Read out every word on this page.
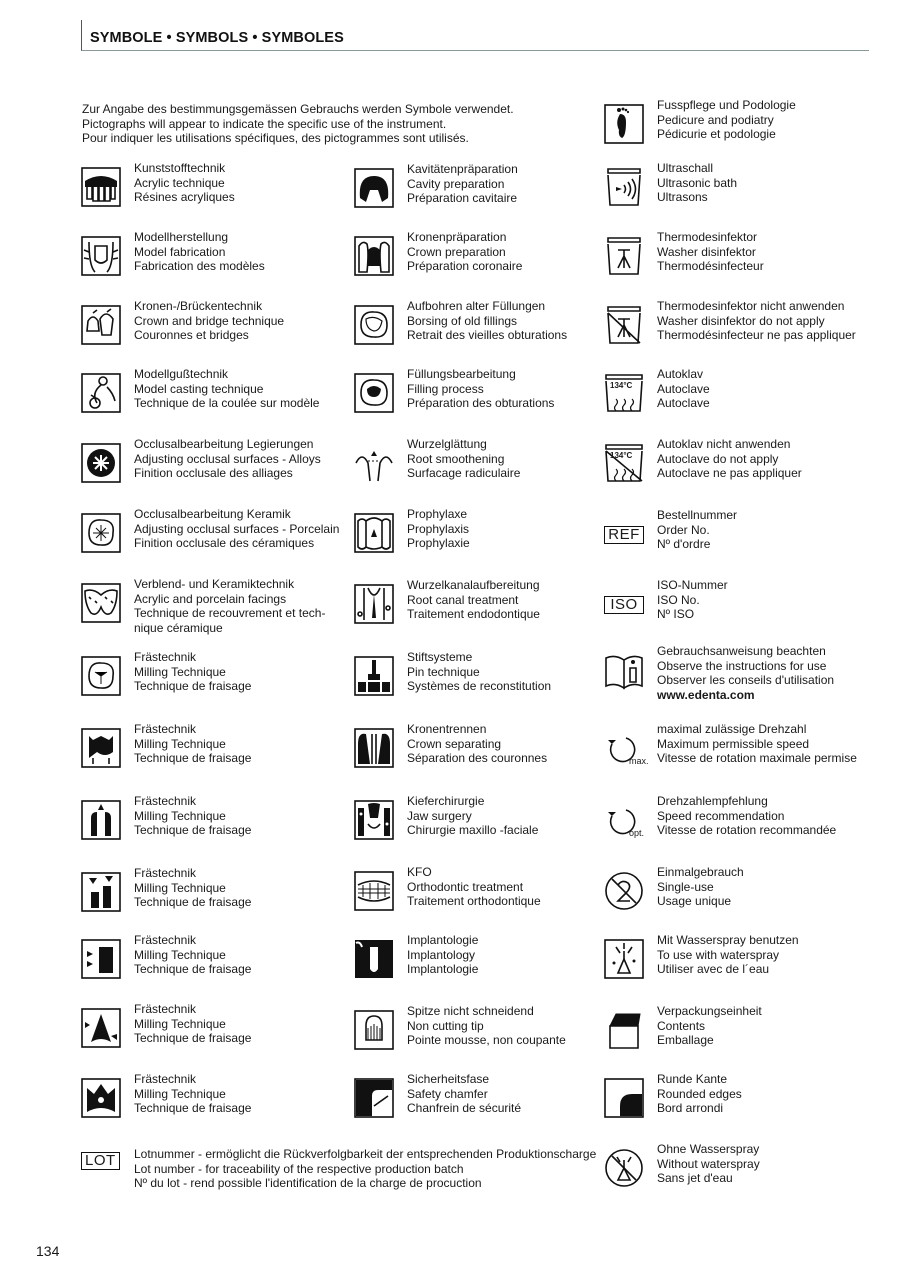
SYMBOLE • SYMBOLS • SYMBOLES
Zur Angabe des bestimmungsgemässen Gebrauchs werden Symbole verwendet.
Pictographs will appear to indicate the specific use of the instrument.
Pour indiquer les utilisations spécifiques, des pictogrammes sont utilisés.
Kunststofftechnik
Acrylic technique
Résines acryliques
Modellherstellung
Model fabrication
Fabrication des modèles
Kronen-/Brückentechnik
Crown and bridge technique
Couronnes et bridges
Modellgußtechnik
Model casting technique
Technique de la coulée sur modèle
Occlusalbearbeitung Legierungen
Adjusting occlusal surfaces - Alloys
Finition occlusale des alliages
Occlusalbearbeitung Keramik
Adjusting occlusal surfaces - Porcelain
Finition occlusale des céramiques
Verblend- und Keramiktechnik
Acrylic and porcelain facings
Technique de recouvrement et tech-
nique céramique
Frästechnik
Milling Technique
Technique de fraisage
Frästechnik
Milling Technique
Technique de fraisage
Frästechnik
Milling Technique
Technique de fraisage
Frästechnik
Milling Technique
Technique de fraisage
Frästechnik
Milling Technique
Technique de fraisage
Frästechnik
Milling Technique
Technique de fraisage
Frästechnik
Milling Technique
Technique de fraisage
Kavitätenpräparation
Cavity preparation
Préparation cavitaire
Kronenpräparation
Crown preparation
Préparation coronaire
Aufbohren alter Füllungen
Borsing of old fillings
Retrait des vieilles obturations
Füllungsbearbeitung
Filling process
Préparation des obturations
Wurzelglättung
Root smoothening
Surfacage radiculaire
Prophylaxe
Prophylaxis
Prophylaxie
Wurzelkanalaufbereitung
Root canal treatment
Traitement endodontique
Stiftsysteme
Pin technique
Systèmes de reconstitution
Kronentrennen
Crown separating
Séparation des couronnes
Kieferchirurgie
Jaw surgery
Chirurgie maxillo -faciale
KFO
Orthodontic treatment
Traitement orthodontique
Implantologie
Implantology
Implantologie
Spitze nicht schneidend
Non cutting tip
Pointe mousse, non coupante
Sicherheitsfase
Safety chamfer
Chanfrein de sécurité
Fusspflege und Podologie
Pedicure and podiatry
Pédicurie et podologie
Ultraschall
Ultrasonic bath
Ultrasons
Thermodesinfektor
Washer disinfektor
Thermodésinfecteur
Thermodesinfektor nicht anwenden
Washer disinfektor do not apply
Thermodésinfecteur ne pas appliquer
134°C
Autoklav
Autoclave
Autoclave
134°C
Autoklav nicht anwenden
Autoclave do not apply
Autoclave ne pas appliquer
REF
Bestellnummer
Order No.
Nº d'ordre
ISO
ISO-Nummer
ISO No.
Nº ISO
Gebrauchsanweisung beachten
Observe the instructions for use
Observer les conseils d'utilisation
www.edenta.com
max.
maximal zulässige Drehzahl
Maximum permissible speed
Vitesse de rotation maximale permise
opt.
Drehzahlempfehlung
Speed recommendation
Vitesse de rotation recommandée
Einmalgebrauch
Single-use
Usage unique
Mit Wasserspray benutzen
To use with waterspray
Utiliser avec de l´eau
Verpackungseinheit
Contents
Emballage
Runde Kante
Rounded edges
Bord arrondi
Ohne Wasserspray
Without waterspray
Sans jet d'eau
LOT	Lotnummer - ermöglicht die Rückverfolgbarkeit der entsprechenden Produktionscharge
Lot number - for traceability of the respective production batch
Nº du lot - rend possible l'identification de la charge de procuction
134
